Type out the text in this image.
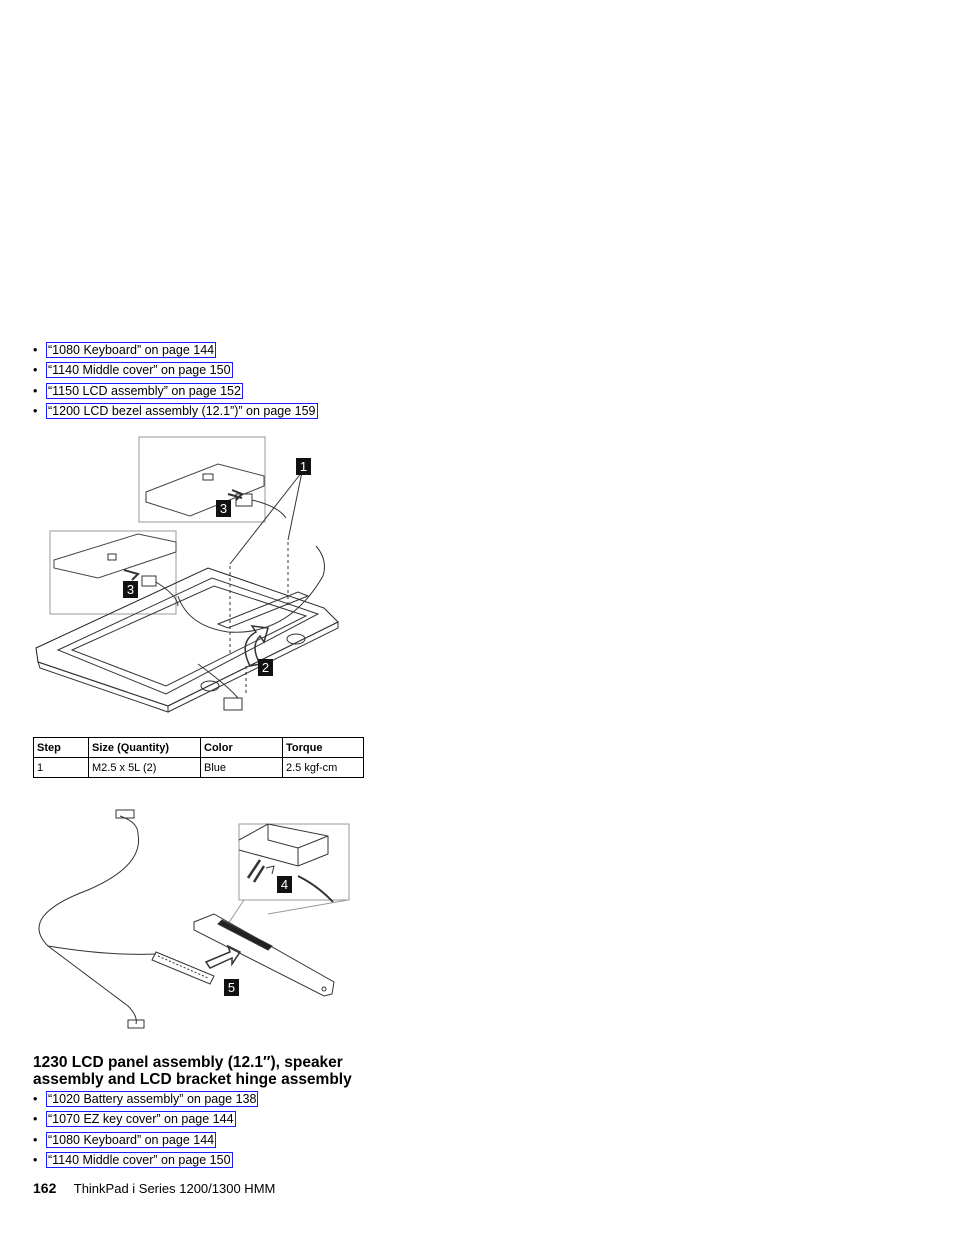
• “1080 Keyboard” on page 144
• “1140 Middle cover” on page 150
• “1150 LCD assembly” on page 152
• “1200 LCD bezel assembly (12.1”)” on page 159
1
3
3
2
Step	Size (Quantity)	Color	Torque
1	M2.5 x 5L (2)	Blue	2.5 kgf-cm
4
5
1230 LCD panel assembly (12.1″), speaker assembly and LCD bracket hinge assembly
• “1020 Battery assembly” on page 138
• “1070 EZ key cover” on page 144
• “1080 Keyboard” on page 144
• “1140 Middle cover” on page 150
162 ThinkPad i Series 1200/1300 HMM
